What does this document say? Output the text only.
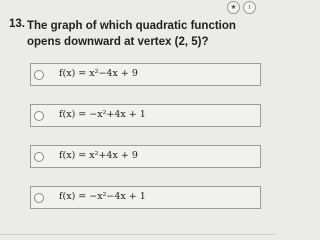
★	i
13. The graph of which quadratic function opens downward at vertex (2, 5)?
f(x) = x²−4x + 9
f(x) = −x²+4x + 1
f(x) = x²+4x + 9
f(x) = −x²−4x + 1
